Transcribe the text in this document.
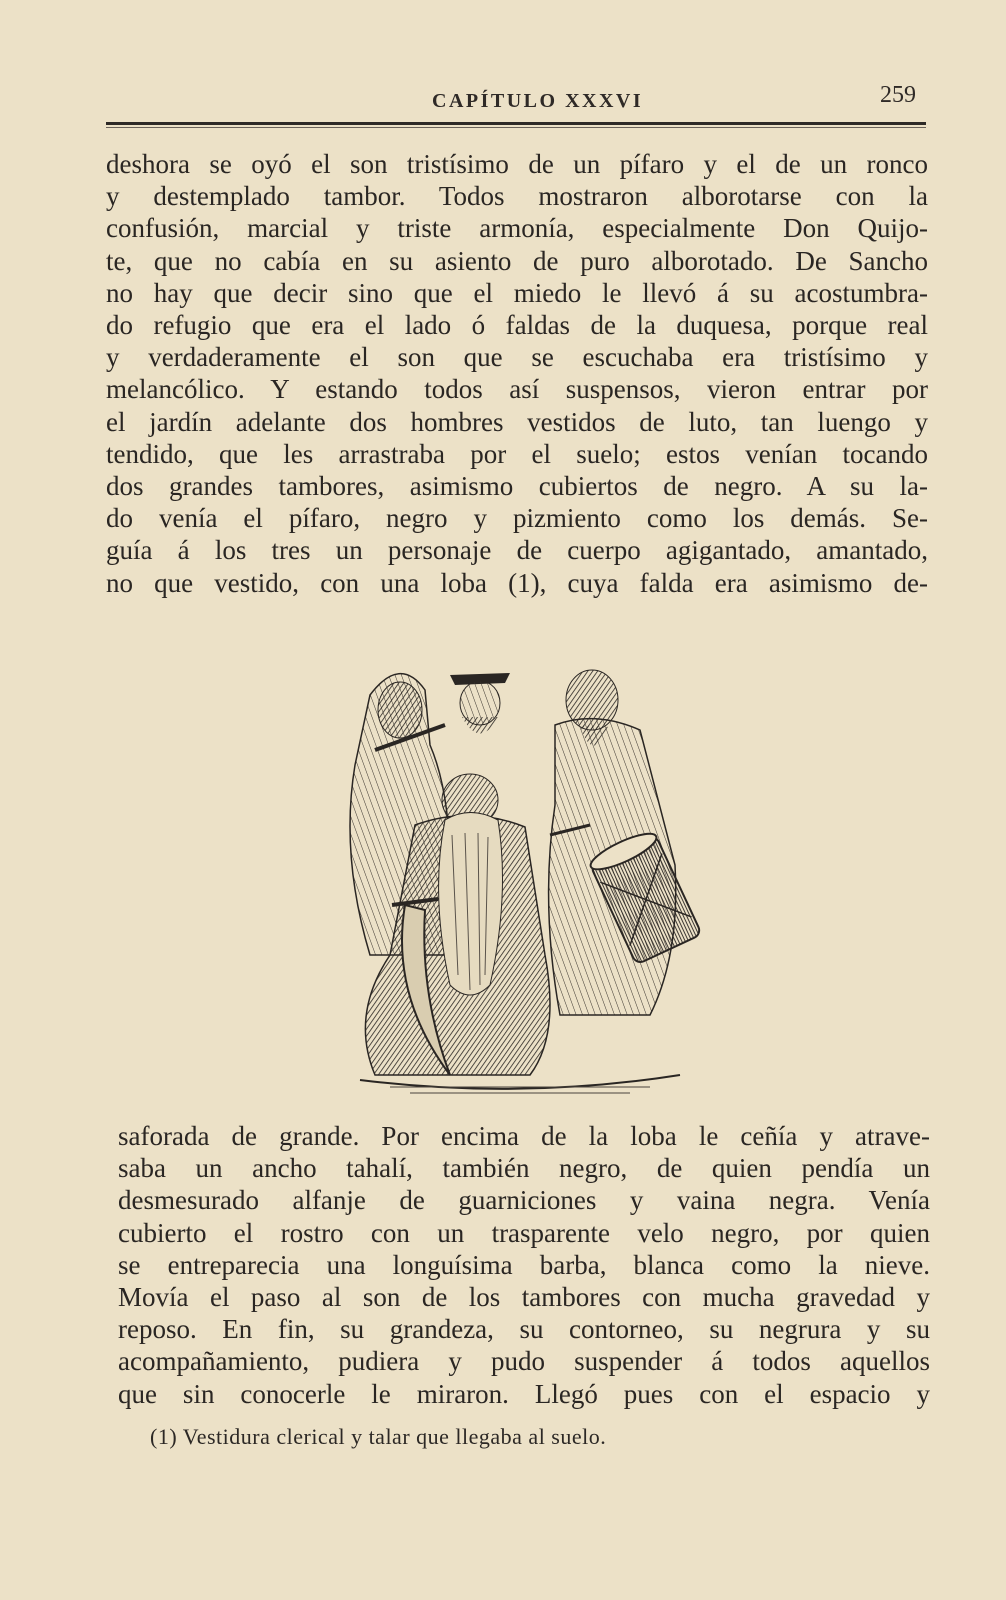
CAPÍTULO XXXVI	259
deshora se oyó el son tristísimo de un pífaro y el de un ronco
y destemplado tambor. Todos mostraron alborotarse con la
confusión, marcial y triste armonía, especialmente Don Quijo-
te, que no cabía en su asiento de puro alborotado. De Sancho
no hay que decir sino que el miedo le llevó á su acostumbra-
do refugio que era el lado ó faldas de la duquesa, porque real
y verdaderamente el son que se escuchaba era tristísimo y
melancólico. Y estando todos así suspensos, vieron entrar por
el jardín adelante dos hombres vestidos de luto, tan luengo y
tendido, que les arrastraba por el suelo; estos venían tocando
dos grandes tambores, asimismo cubiertos de negro. A su la-
do venía el pífaro, negro y pizmiento como los demás. Se-
guía á los tres un personaje de cuerpo agigantado, amantado,
no que vestido, con una loba (1), cuya falda era asimismo de-
saforada de grande. Por encima de la loba le ceñía y atrave-
saba un ancho tahalí, también negro, de quien pendía un
desmesurado alfanje de guarniciones y vaina negra. Venía
cubierto el rostro con un trasparente velo negro, por quien
se entreparecia una longuísima barba, blanca como la nieve.
Movía el paso al son de los tambores con mucha gravedad y
reposo. En fin, su grandeza, su contorneo, su negrura y su
acompañamiento, pudiera y pudo suspender á todos aquellos
que sin conocerle le miraron. Llegó pues con el espacio y
(1) Vestidura clerical y talar que llegaba al suelo.
